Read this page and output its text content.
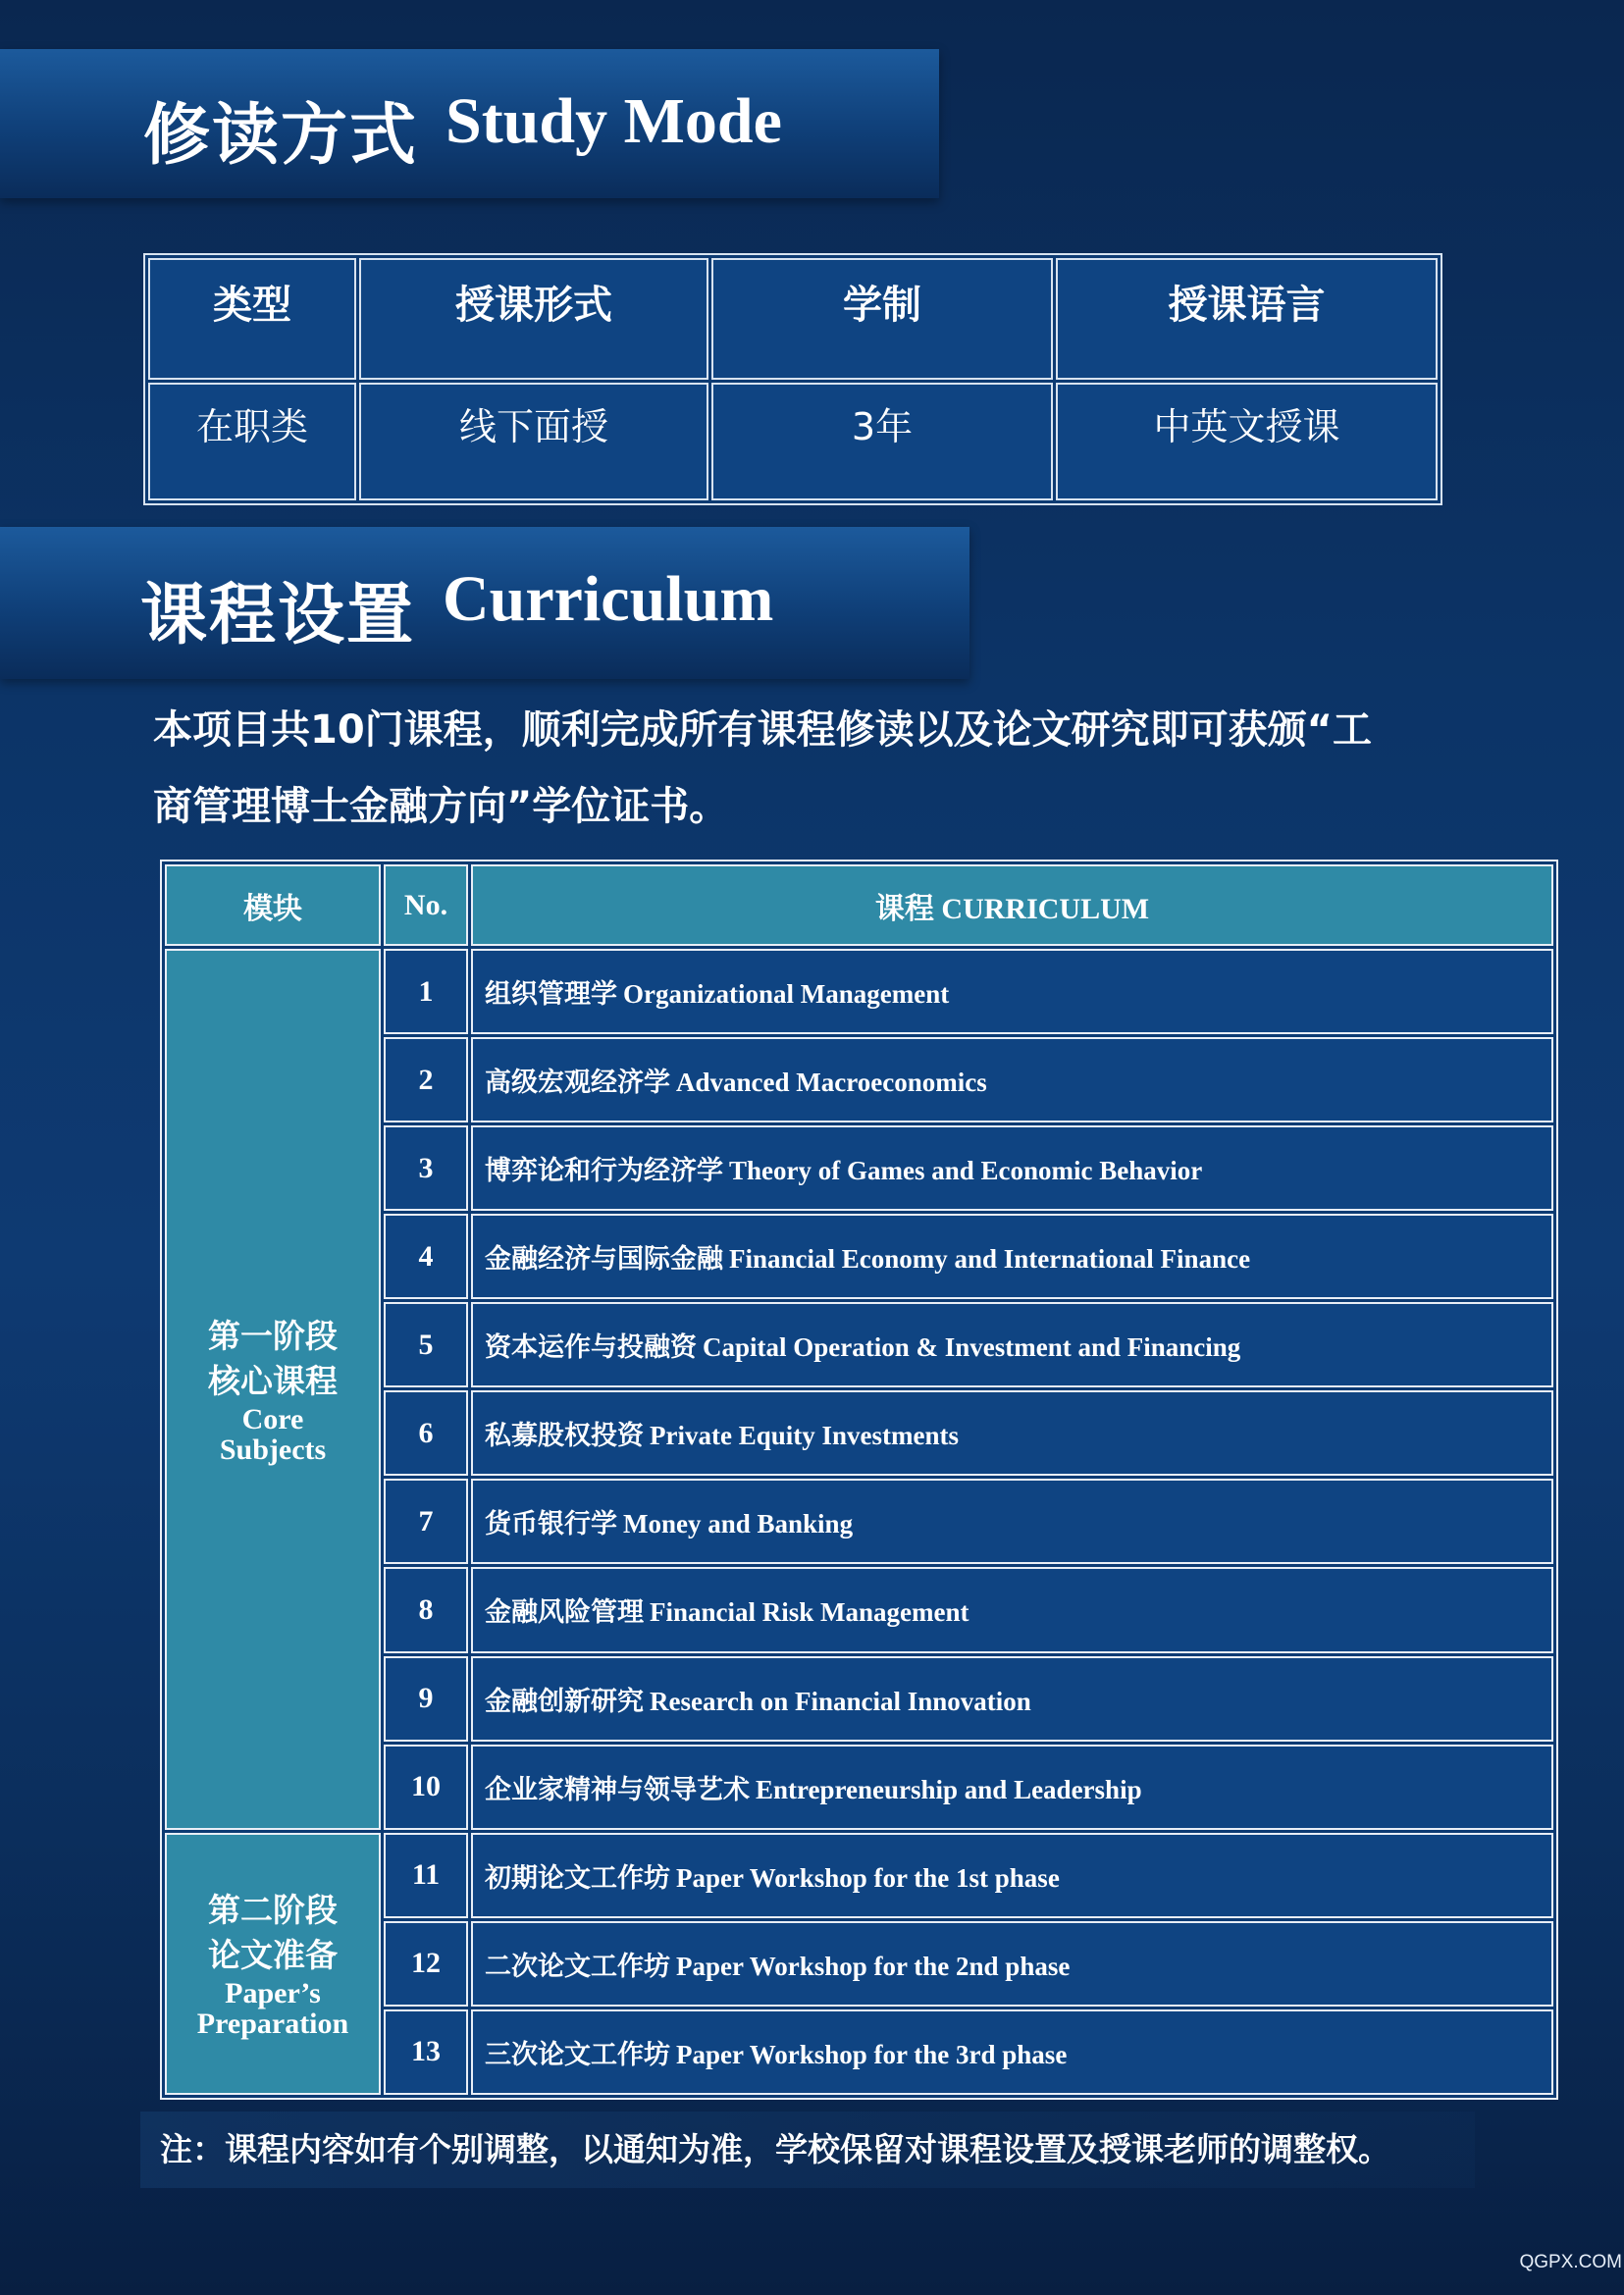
修读方式 Study Mode
类型	授课形式	学制	授课语言
在职类	线下面授	3年	中英文授课
课程设置 Curriculum
本项目共10门课程，顺利完成所有课程修读以及论文研究即可获颁“工
商管理博士金融方向”学位证书。
模块	No.	课程 CURRICULUM

第一阶段
核心课程
Core
Subjects	1	组织管理学 Organizational Management
	2	高级宏观经济学 Advanced Macroeconomics
	3	博弈论和行为经济学 Theory of Games and Economic Behavior
	4	金融经济与国际金融 Financial Economy and International Finance
	5	资本运作与投融资 Capital Operation & Investment and Financing
	6	私募股权投资 Private Equity Investments
	7	货币银行学 Money and Banking
	8	金融风险管理 Financial Risk Management
	9	金融创新研究 Research on Financial Innovation
	10	企业家精神与领导艺术 Entrepreneurship and Leadership

第二阶段
论文准备
Paper’s
Preparation	11	初期论文工作坊 Paper Workshop for the 1st phase
	12	二次论文工作坊 Paper Workshop for the 2nd phase
	13	三次论文工作坊 Paper Workshop for the 3rd phase
注：课程内容如有个别调整，以通知为准，学校保留对课程设置及授课老师的调整权。
QGPX.COM
